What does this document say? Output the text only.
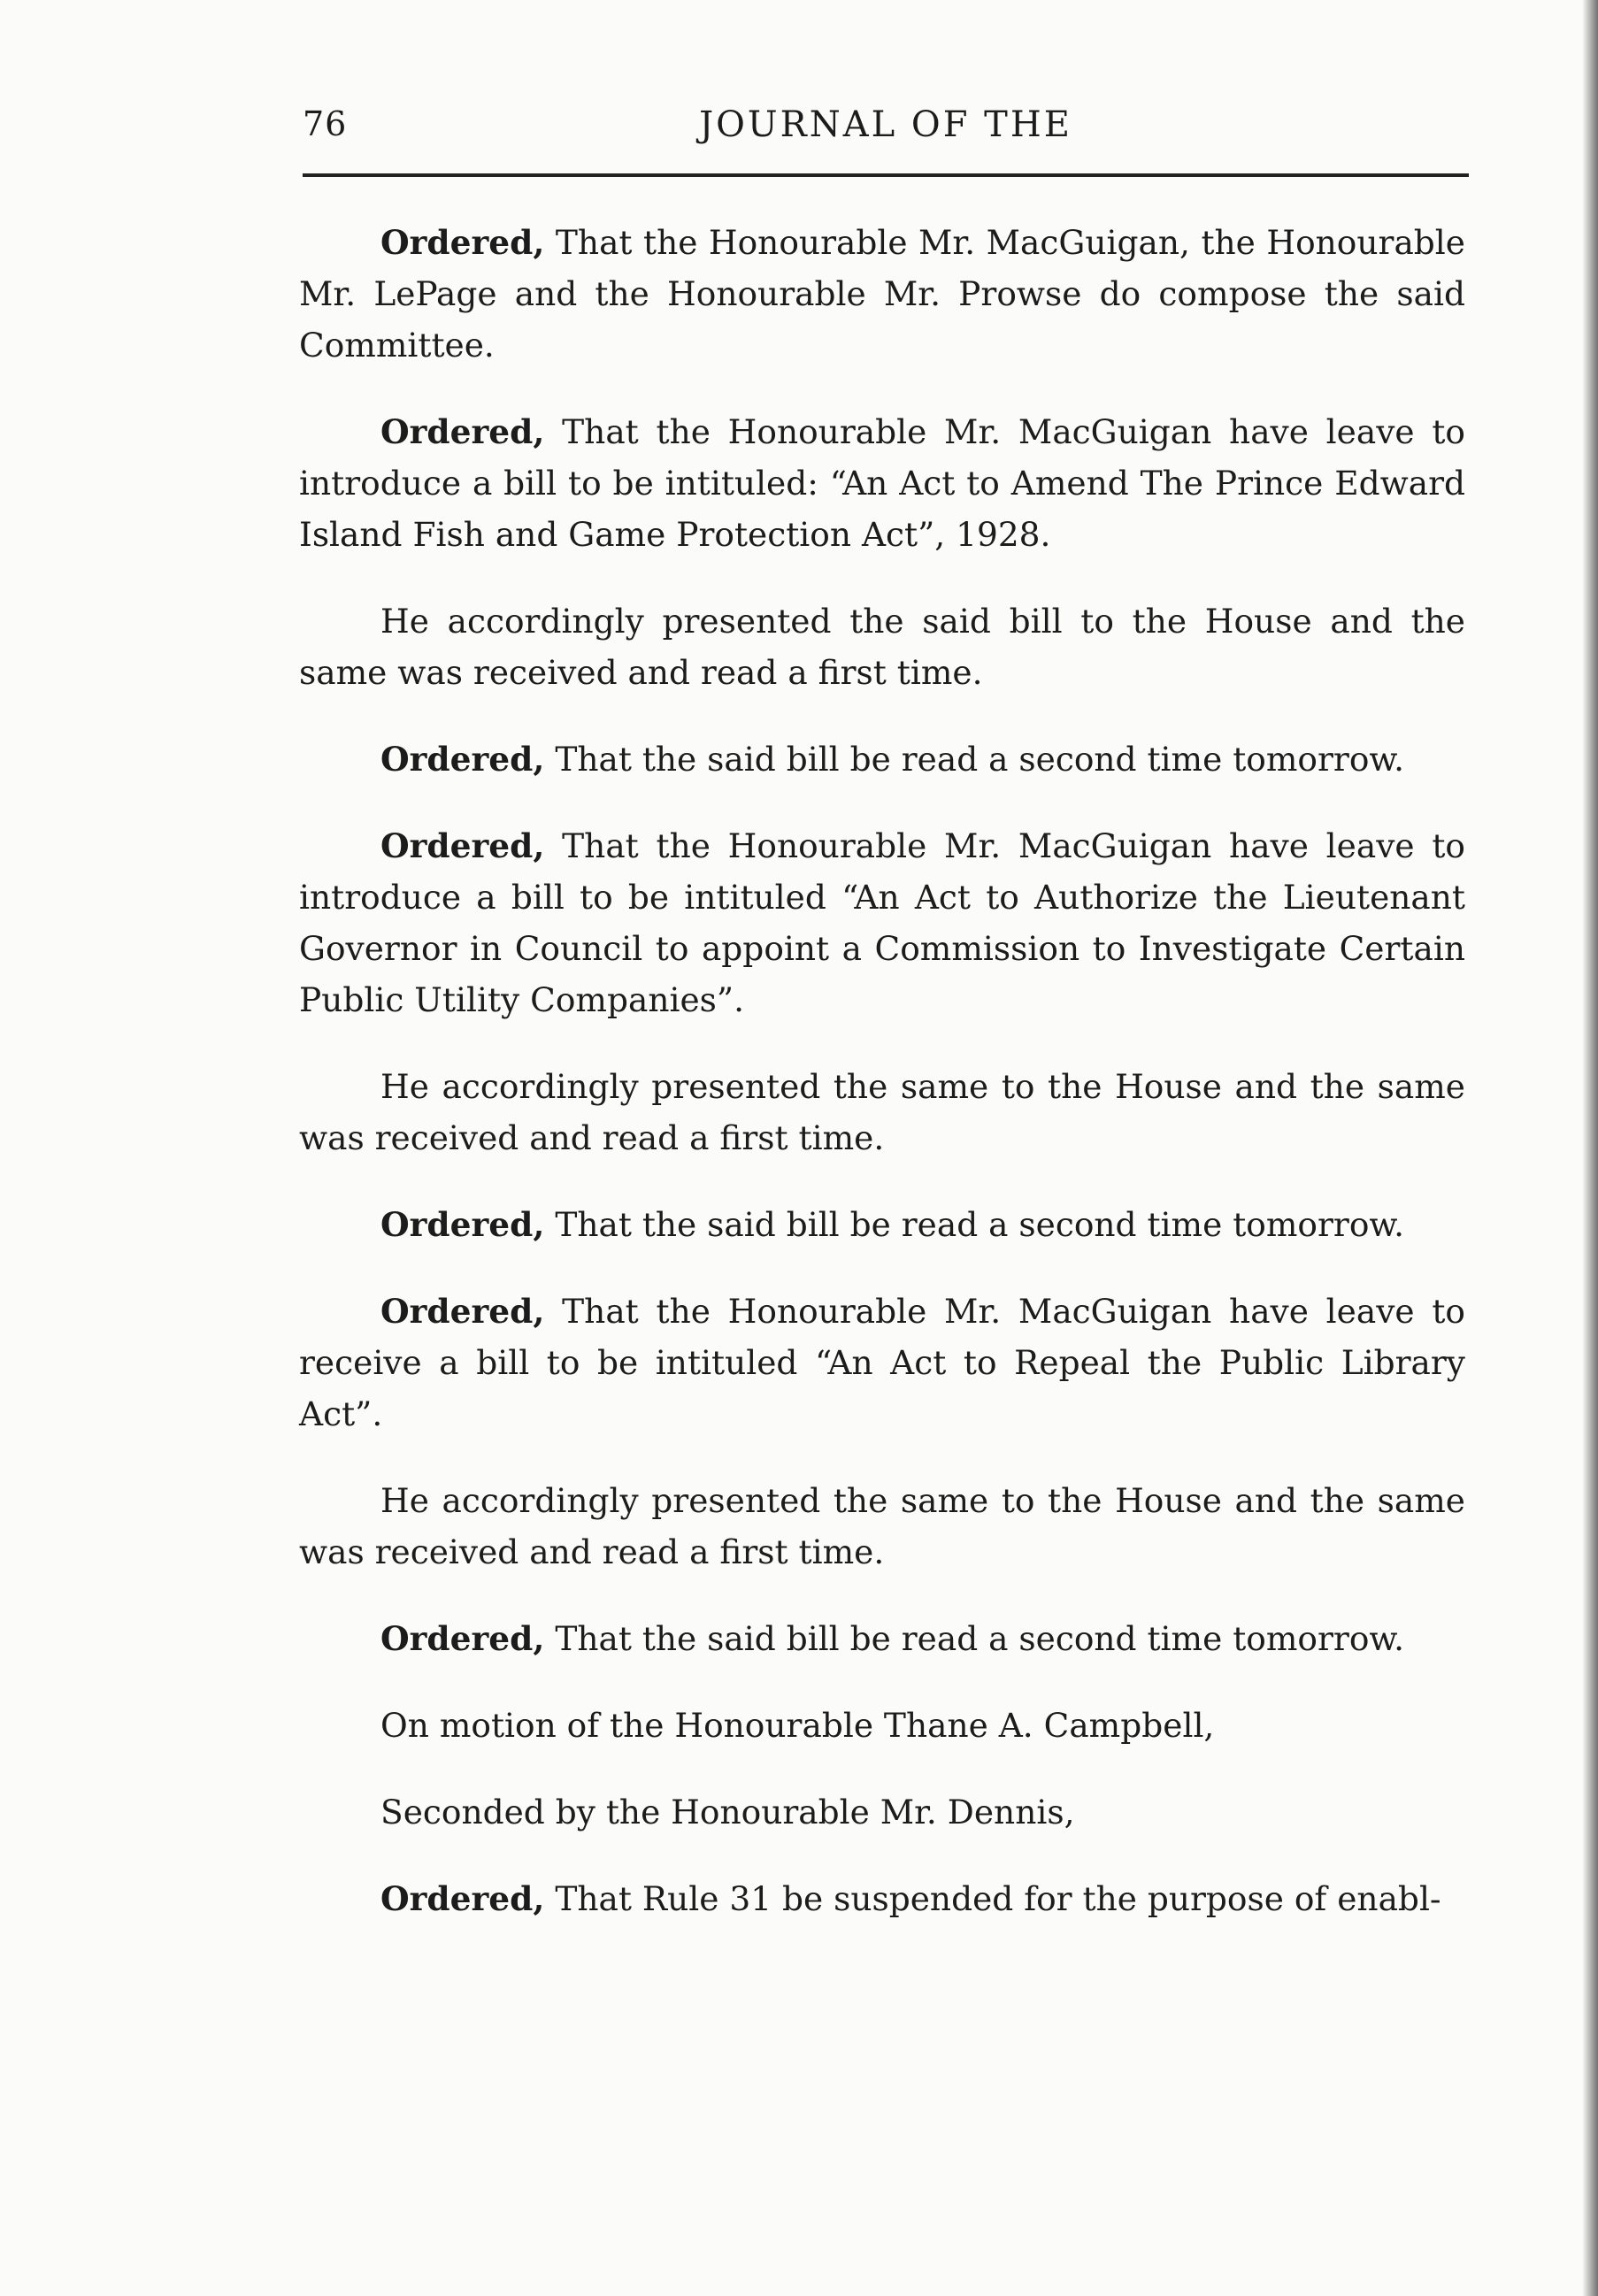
76	JOURNAL OF THE

Ordered, That the Honourable Mr. MacGuigan, the Honourable Mr. LePage and the Honourable Mr. Prowse do compose the said Committee.

Ordered, That the Honourable Mr. MacGuigan have leave to introduce a bill to be intituled: “An Act to Amend The Prince Edward Island Fish and Game Protection Act”, 1928.

He accordingly presented the said bill to the House and the same was received and read a first time.

Ordered, That the said bill be read a second time tomorrow.

Ordered, That the Honourable Mr. MacGuigan have leave to introduce a bill to be intituled “An Act to Authorize the Lieutenant Governor in Council to appoint a Commission to Investigate Certain Public Utility Companies”.

He accordingly presented the same to the House and the same was received and read a first time.

Ordered, That the said bill be read a second time tomorrow.

Ordered, That the Honourable Mr. MacGuigan have leave to receive a bill to be intituled “An Act to Repeal the Public Library Act”.

He accordingly presented the same to the House and the same was received and read a first time.

Ordered, That the said bill be read a second time tomorrow.

On motion of the Honourable Thane A. Campbell,

Seconded by the Honourable Mr. Dennis,

Ordered, That Rule 31 be suspended for the purpose of enabl-
